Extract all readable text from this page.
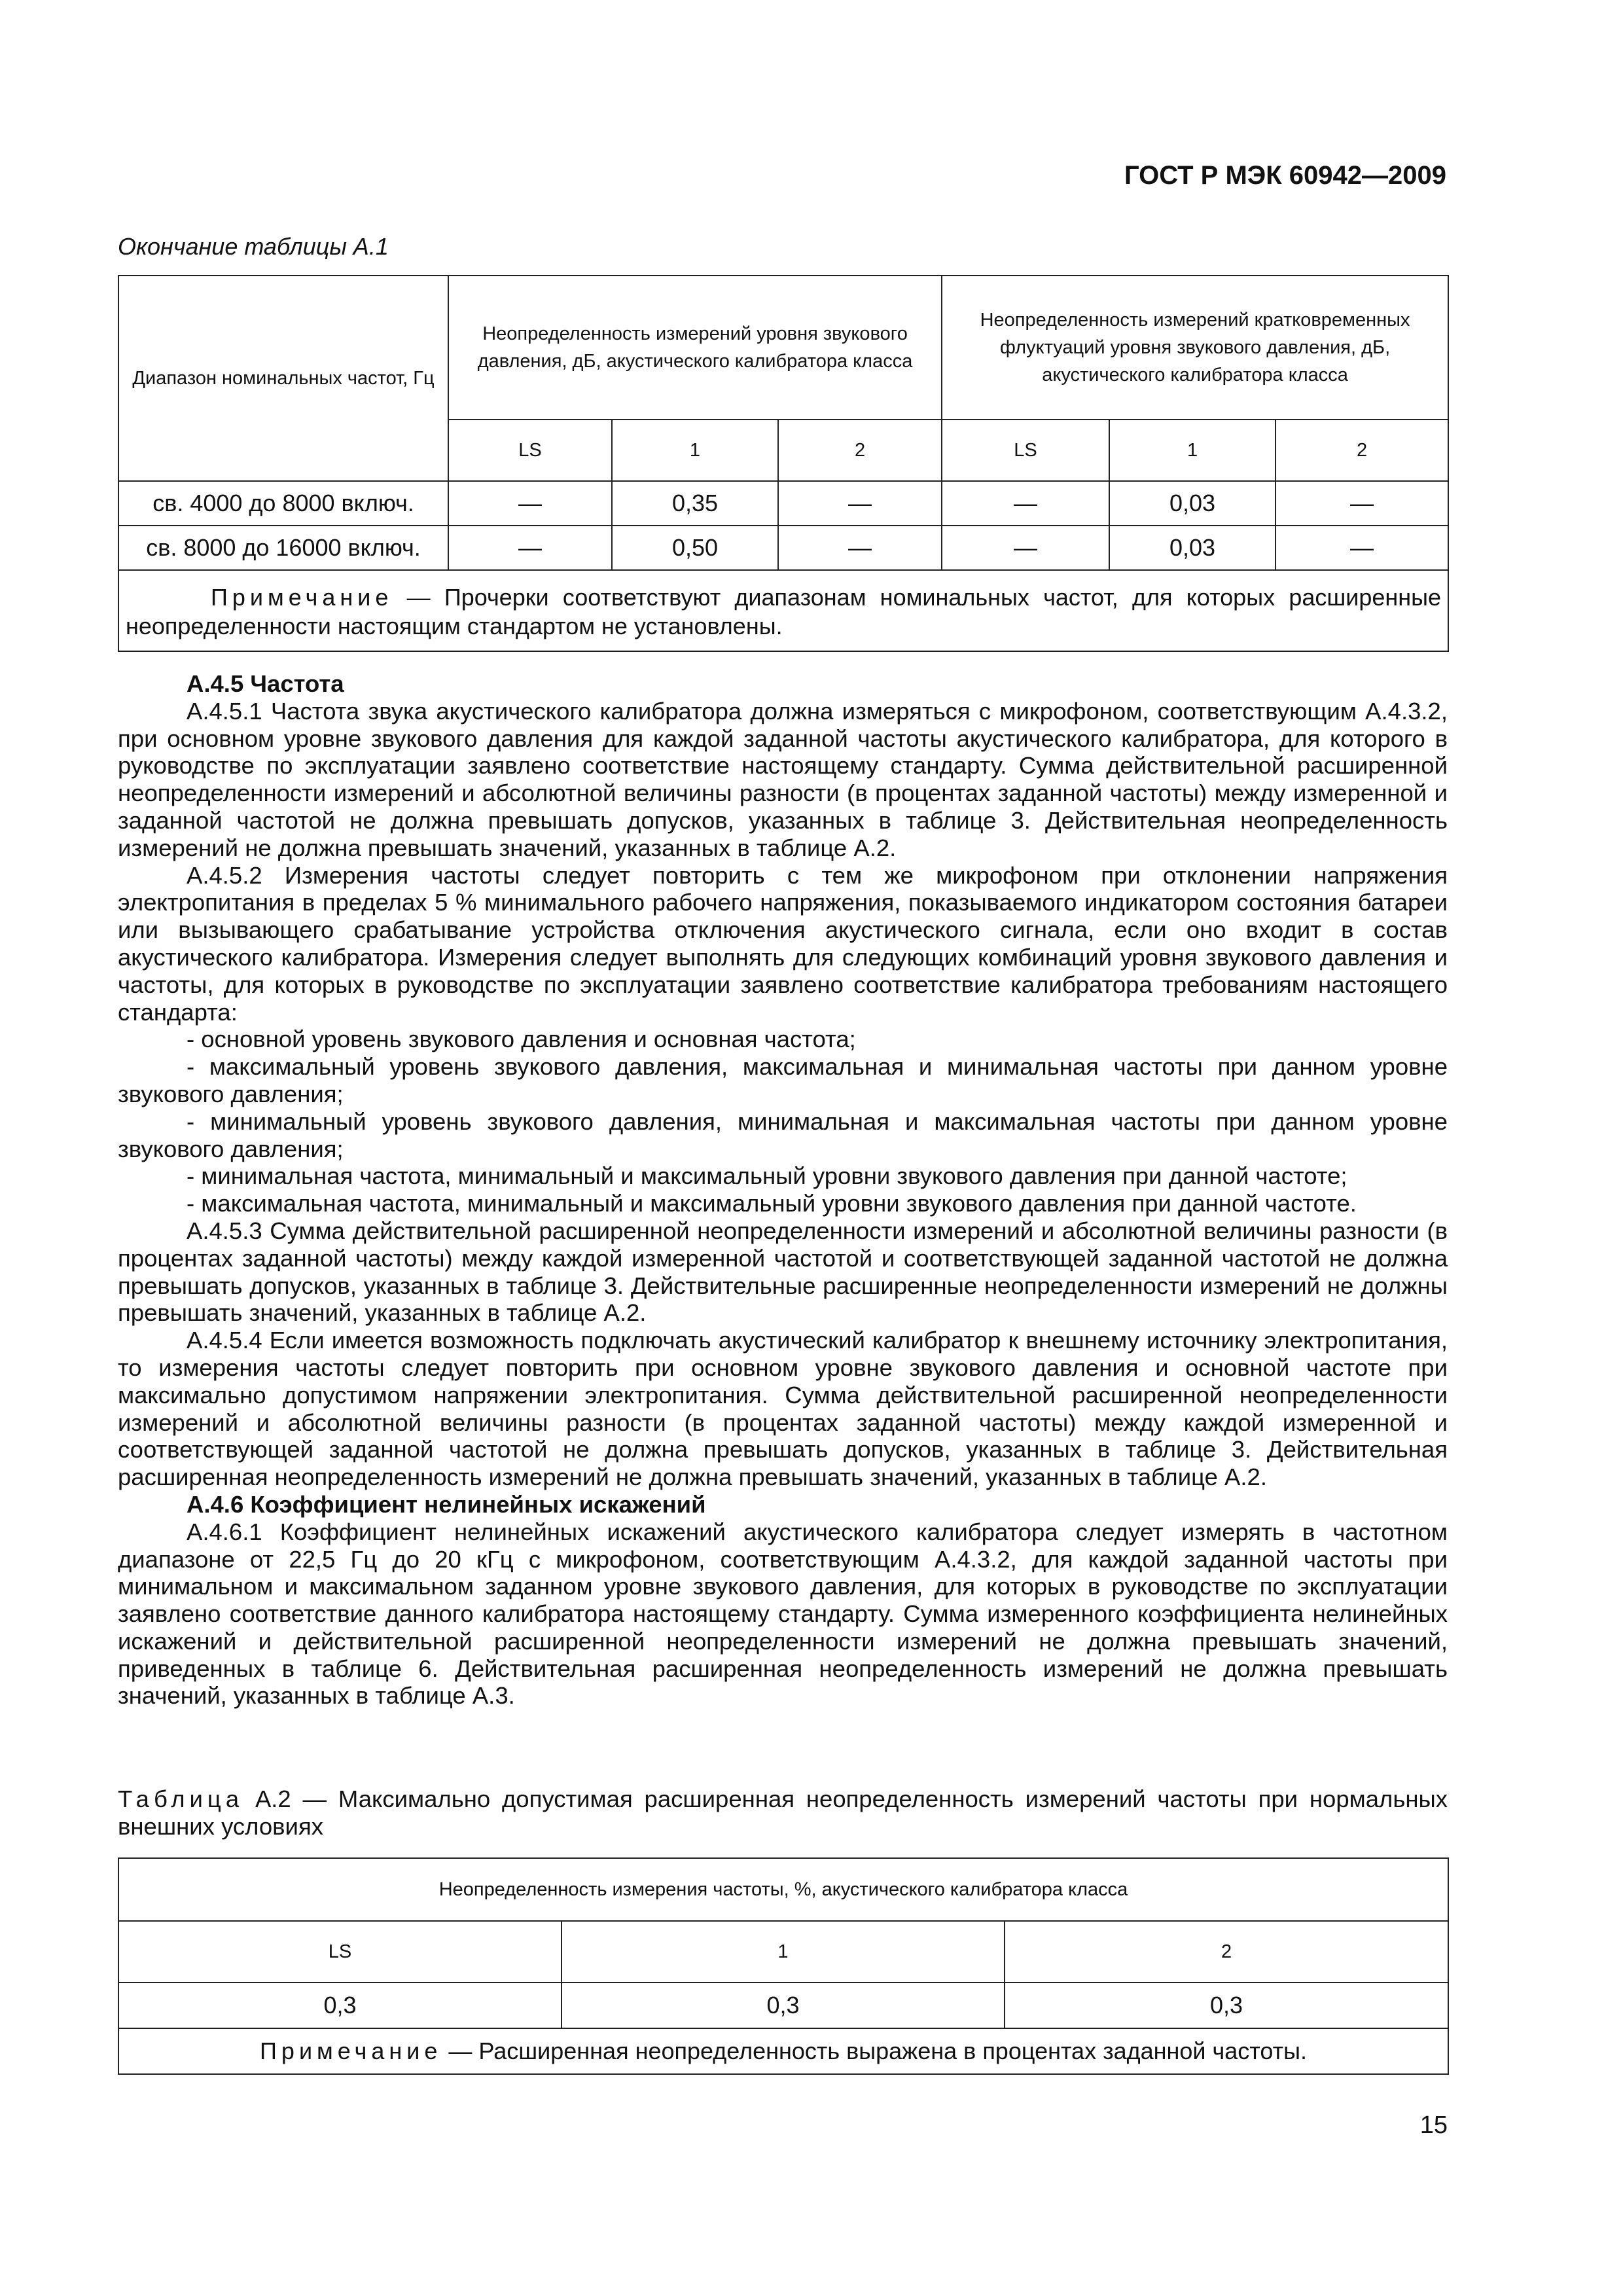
ГОСТ Р МЭК 60942—2009
Окончание таблицы А.1
Диапазон номинальных частот, Гц	Неопределенность измерений уровня звукового давления, дБ, акустического калибратора класса			Неопределенность измерений кратковременных флуктуаций уровня звукового давления, дБ, акустического калибратора класса		
	LS	1	2	LS	1	2
св. 4000 до 8000 включ.	—	0,35	—	—	0,03	—
св. 8000 до 16000 включ.	—	0,50	—	—	0,03	—
Примечание — Прочерки соответствуют диапазонам номинальных частот, для которых расширенные неопределенности настоящим стандартом не установлены.						

А.4.5 Частота

А.4.5.1 Частота звука акустического калибратора должна измеряться с микрофоном, соответствующим А.4.3.2, при основном уровне звукового давления для каждой заданной частоты акустического калибратора, для которого в руководстве по эксплуатации заявлено соответствие настоящему стандарту. Сумма действительной расширенной неопределенности измерений и абсолютной величины разности (в процентах заданной частоты) между измеренной и заданной частотой не должна превышать допусков, указанных в таблице 3. Действительная неопределенность измерений не должна превышать значений, указанных в таблице А.2.

А.4.5.2 Измерения частоты следует повторить с тем же микрофоном при отклонении напряжения электропитания в пределах 5 % минимального рабочего напряжения, показываемого индикатором состояния батареи или вызывающего срабатывание устройства отключения акустического сигнала, если оно входит в состав акустического калибратора. Измерения следует выполнять для следующих комбинаций уровня звукового давления и частоты, для которых в руководстве по эксплуатации заявлено соответствие калибратора требованиям настоящего стандарта:

- основной уровень звукового давления и основная частота;

- максимальный уровень звукового давления, максимальная и минимальная частоты при данном уровне звукового давления;

- минимальный уровень звукового давления, минимальная и максимальная частоты при данном уровне звукового давления;

- минимальная частота, минимальный и максимальный уровни звукового давления при данной частоте;

- максимальная частота, минимальный и максимальный уровни звукового давления при данной частоте.

А.4.5.3 Сумма действительной расширенной неопределенности измерений и абсолютной величины разности (в процентах заданной частоты) между каждой измеренной частотой и соответствующей заданной частотой не должна превышать допусков, указанных в таблице 3. Действительные расширенные неопределенности измерений не должны превышать значений, указанных в таблице А.2.

А.4.5.4 Если имеется возможность подключать акустический калибратор к внешнему источнику электропитания, то измерения частоты следует повторить при основном уровне звукового давления и основной частоте при максимально допустимом напряжении электропитания. Сумма действительной расширенной неопределенности измерений и абсолютной величины разности (в процентах заданной частоты) между каждой измеренной и соответствующей заданной частотой не должна превышать допусков, указанных в таблице 3. Действительная расширенная неопределенность измерений не должна превышать значений, указанных в таблице А.2.

А.4.6 Коэффициент нелинейных искажений

А.4.6.1 Коэффициент нелинейных искажений акустического калибратора следует измерять в частотном диапазоне от 22,5 Гц до 20 кГц с микрофоном, соответствующим А.4.3.2, для каждой заданной частоты при минимальном и максимальном заданном уровне звукового давления, для которых в руководстве по эксплуатации заявлено соответствие данного калибратора настоящему стандарту. Сумма измеренного коэффициента нелинейных искажений и действительной расширенной неопределенности измерений не должна превышать значений, приведенных в таблице 6. Действительная расширенная неопределенность измерений не должна превышать значений, указанных в таблице А.3.

Таблица А.2 — Максимально допустимая расширенная неопределенность измерений частоты при нормальных внешних условиях
Неопределенность измерения частоты, %, акустического калибратора класса		
LS	1	2
0,3	0,3	0,3
Примечание — Расширенная неопределенность выражена в процентах заданной частоты.		
15
